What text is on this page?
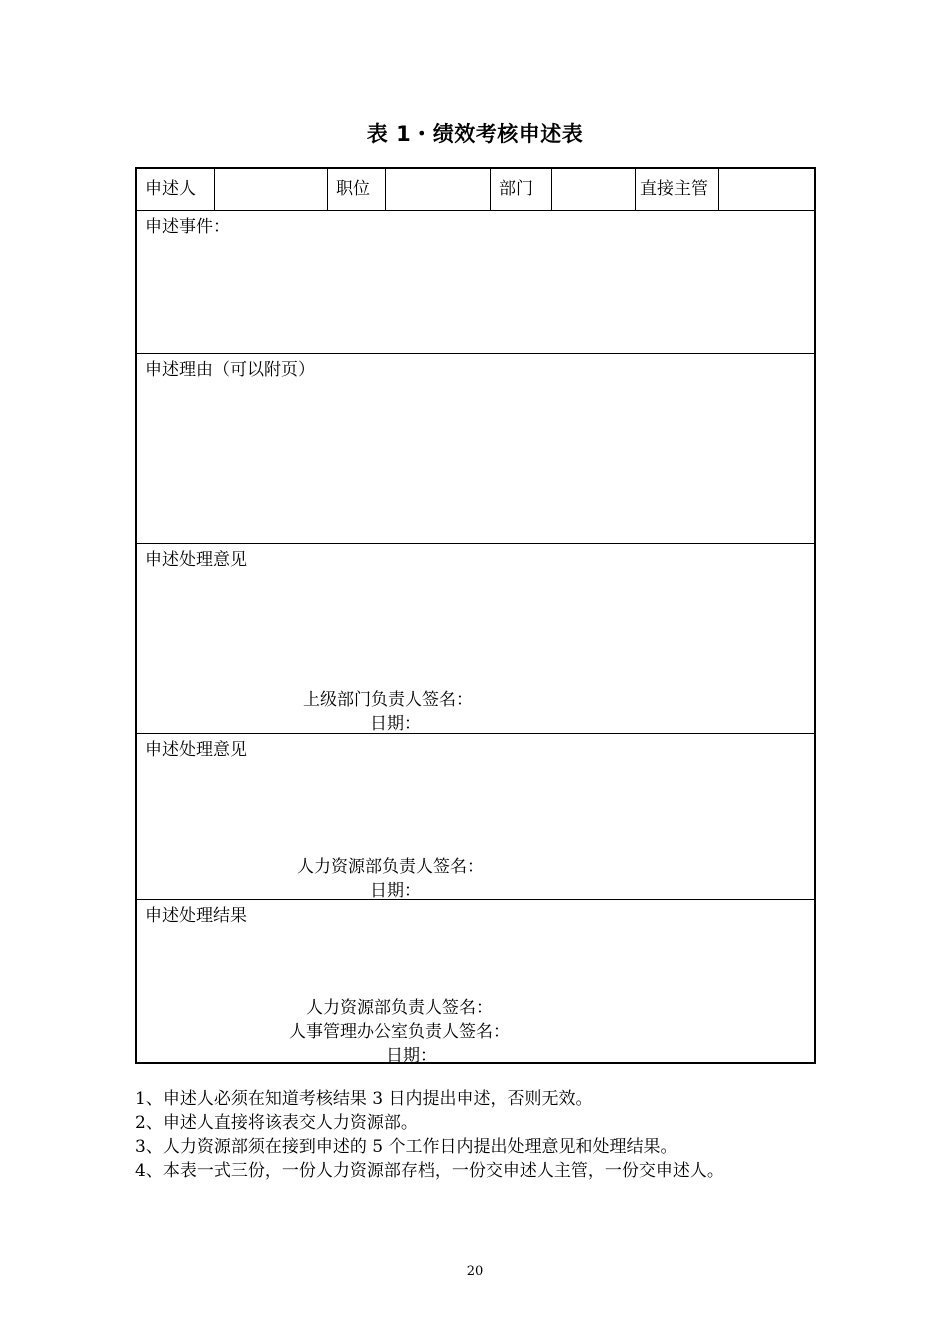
表 1・绩效考核申述表
申述人	职位	部门	直接主管
申述事件：
申述理由（可以附页）
申述处理意见
上级部门负责人签名：
日期：
申述处理意见
人力资源部负责人签名：
日期：
申述处理结果
人力资源部负责人签名：
人事管理办公室负责人签名：
日期：
1、申述人必须在知道考核结果 3 日内提出申述，否则无效。
2、申述人直接将该表交人力资源部。
3、人力资源部须在接到申述的 5 个工作日内提出处理意见和处理结果。
4、本表一式三份，一份人力资源部存档，一份交申述人主管，一份交申述人。
20
